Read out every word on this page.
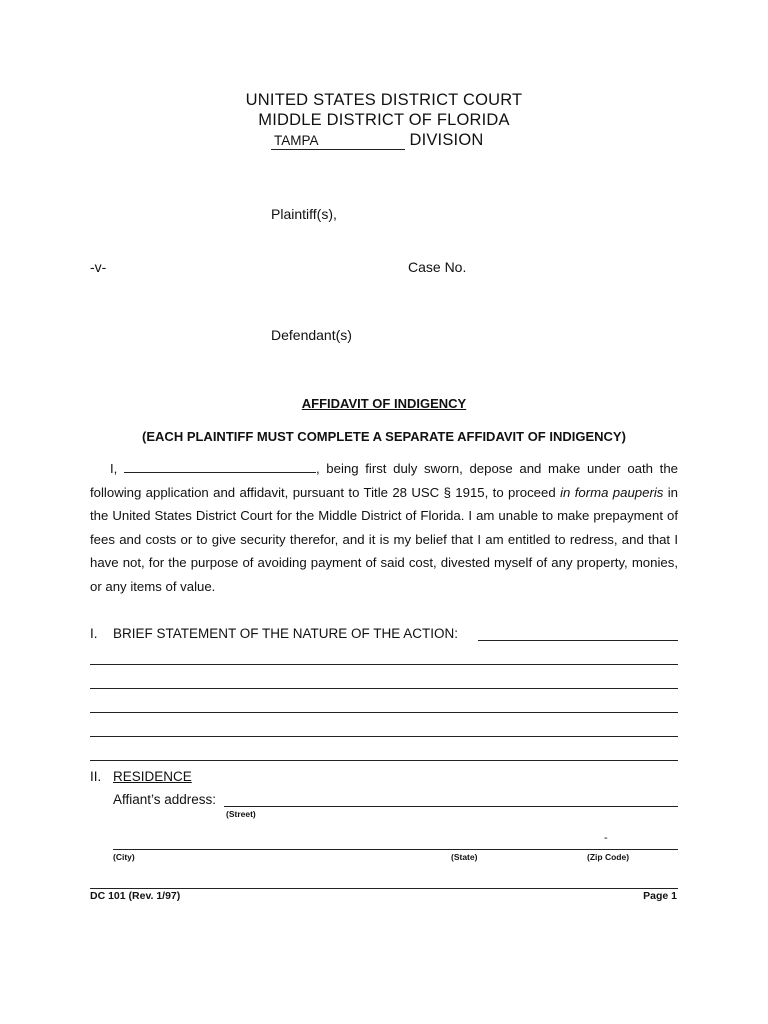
UNITED STATES DISTRICT COURT
MIDDLE DISTRICT OF FLORIDA
TAMPA	DIVISION
Plaintiff(s),
-v-	Case No.
Defendant(s)
AFFIDAVIT OF INDIGENCY
(EACH PLAINTIFF MUST COMPLETE A SEPARATE AFFIDAVIT OF INDIGENCY)
I,	, being first duly sworn, depose and make under oath the following application and affidavit, pursuant to Title 28 USC § 1915, to proceed in forma pauperis in the United States District Court for the Middle District of Florida. I am unable to make prepayment of fees and costs or to give security therefor, and it is my belief that I am entitled to redress, and that I have not, for the purpose of avoiding payment of said cost, divested myself of any property, monies, or any items of value.
I. BRIEF STATEMENT OF THE NATURE OF THE ACTION:
II. RESIDENCE
Affiant’s address:
(Street)
-
(City)	(State)	(Zip Code)
DC 101 (Rev. 1/97)	Page 1
